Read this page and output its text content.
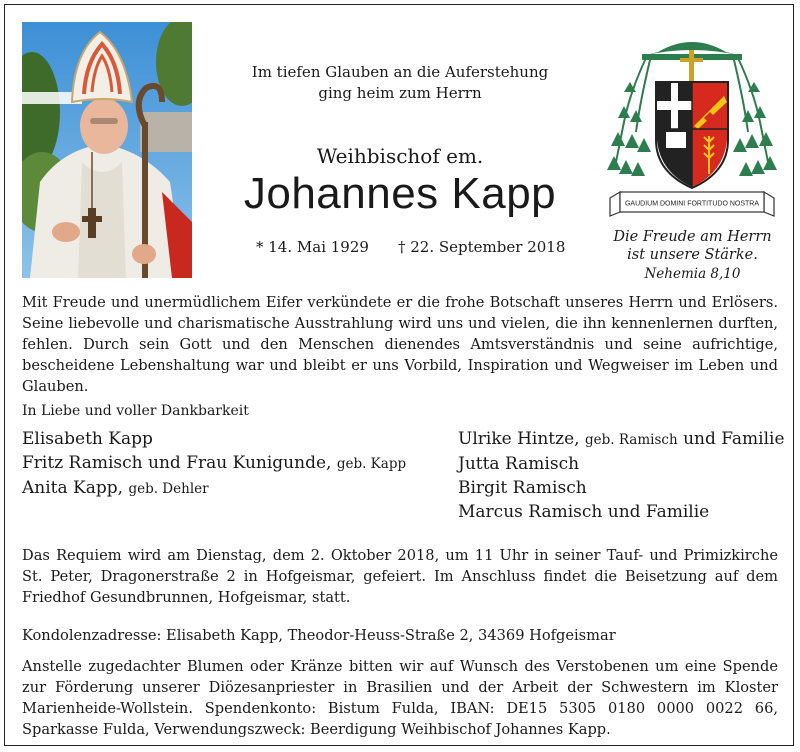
Im tiefen Glauben an die Auferstehung
ging heim zum Herrn
Weihbischof em.
Johannes Kapp
* 14. Mai 1929 † 22. September 2018
GAUDIUM DOMINI FORTITUDO NOSTRA
Die Freude am Herrn
ist unsere Stärke.
Nehemia 8,10
Mit Freude und unermüdlichem Eifer verkündete er die frohe Botschaft unseres Herrn und Erlösers. Seine liebevolle und charismatische Ausstrahlung wird uns und vielen, die ihn kennenlernen durften, fehlen. Durch sein Gott und den Menschen dienendes Amtsverständnis und seine aufrichtige, bescheidene Lebenshaltung war und bleibt er uns Vorbild, Inspiration und Wegweiser im Leben und Glauben.
In Liebe und voller Dankbarkeit
Elisabeth Kapp
Fritz Ramisch und Frau Kunigunde, geb. Kapp
Anita Kapp, geb. Dehler
Ulrike Hintze, geb. Ramisch und Familie
Jutta Ramisch
Birgit Ramisch
Marcus Ramisch und Familie
Das Requiem wird am Dienstag, dem 2. Oktober 2018, um 11 Uhr in seiner Tauf- und Primizkirche St. Peter, Dragonerstraße 2 in Hofgeismar, gefeiert. Im Anschluss findet die Beisetzung auf dem Friedhof Gesundbrunnen, Hofgeismar, statt.
Kondolenzadresse: Elisabeth Kapp, Theodor-Heuss-Straße 2, 34369 Hofgeismar
Anstelle zugedachter Blumen oder Kränze bitten wir auf Wunsch des Verstobenen um eine Spende zur Förderung unserer Diözesanpriester in Brasilien und der Arbeit der Schwestern im Kloster Marienheide-Wollstein. Spendenkonto: Bistum Fulda, IBAN: DE15 5305 0180 0000 0022 66, Sparkasse Fulda, Verwendungszweck: Beerdigung Weihbischof Johannes Kapp.
